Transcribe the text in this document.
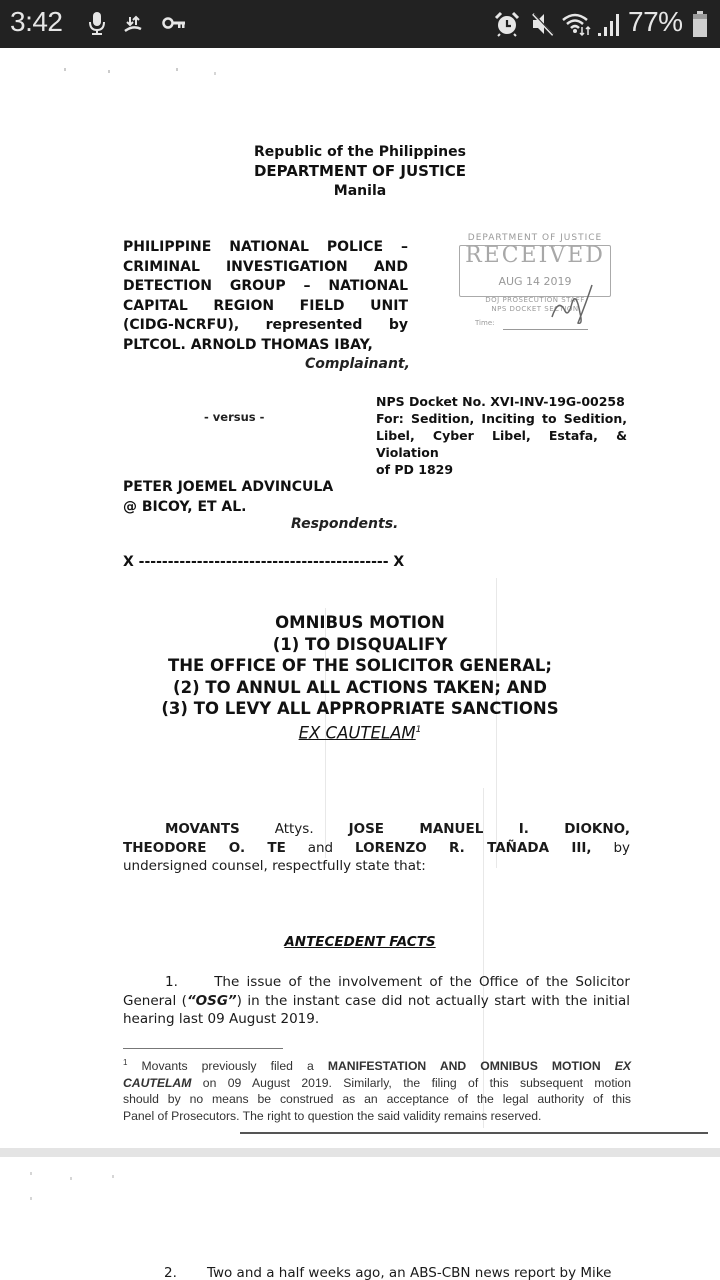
3:42	77%
Republic of the Philippines
DEPARTMENT OF JUSTICE
Manila
PHILIPPINE NATIONAL POLICE –
CRIMINAL INVESTIGATION AND
DETECTION GROUP – NATIONAL
CAPITAL REGION FIELD UNIT
(CIDG-NCRFU), represented by
PLTCOL. ARNOLD THOMAS IBAY,
Complainant,
DEPARTMENT OF JUSTICE
RECEIVED
AUG 14 2019
DOJ PROSECUTION STAFF
NPS DOCKET SECTION
Time:
- versus -
NPS Docket No. XVI-INV-19G-00258
For: Sedition, Inciting to Sedition,
Libel, Cyber Libel, Estafa, & Violation
of PD 1829
PETER JOEMEL ADVINCULA
@ BICOY, ET AL.
Respondents.
X ------------------------------------------- X
OMNIBUS MOTION
(1) TO DISQUALIFY
THE OFFICE OF THE SOLICITOR GENERAL;
(2) TO ANNUL ALL ACTIONS TAKEN; AND
(3) TO LEVY ALL APPROPRIATE SANCTIONS
EX CAUTELAM$^1$
MOVANTS	Attys.	JOSE MANUEL I. DIOKNO,
THEODORE O. TE and LORENZO R. TAÑADA III, by
undersigned counsel, respectfully state that:
ANTECEDENT FACTS
1.	The issue of the involvement of the Office of the Solicitor
General (“OSG”) in the instant case did not actually start with the initial
hearing last 09 August 2019.
$^1$ Movants previously filed a MANIFESTATION AND OMNIBUS MOTION EX
CAUTELAM on 09 August 2019. Similarly, the filing of this subsequent motion
should by no means be construed as an acceptance of the legal authority of this
Panel of Prosecutors. The right to question the said validity remains reserved.
2. Two and a half weeks ago, an ABS-CBN news report by Mike
